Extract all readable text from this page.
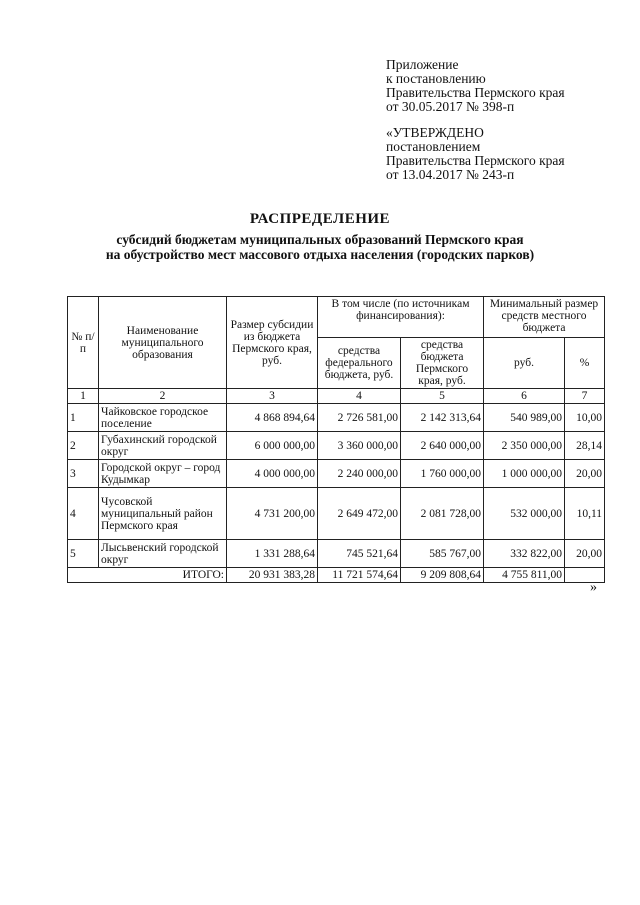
Приложение
к постановлению
Правительства Пермского края
от 30.05.2017 № 398-п
«УТВЕРЖДЕНО
постановлением
Правительства Пермского края
от 13.04.2017 № 243-п
РАСПРЕДЕЛЕНИЕ
субсидий бюджетам муниципальных образований Пермского края
на обустройство мест массового отдыха населения (городских парков)
№ п/п	Наименование муниципального образования	Размер субсидии из бюджета Пермского края, руб.	В том числе (по источникам финансирования):		Минимальный размер средств местного бюджета	
			средства федерального бюджета, руб.	средства бюджета Пермского края, руб.	руб.	%
1	2	3	4	5	6	7
1	Чайковское городское поселение	4 868 894,64	2 726 581,00	2 142 313,64	540 989,00	10,00
2	Губахинский городской округ	6 000 000,00	3 360 000,00	2 640 000,00	2 350 000,00	28,14
3	Городской округ – город Кудымкар	4 000 000,00	2 240 000,00	1 760 000,00	1 000 000,00	20,00
4	Чусовской муниципальный район Пермского края	4 731 200,00	2 649 472,00	2 081 728,00	532 000,00	10,11
5	Лысьвенский городской округ	1 331 288,64	745 521,64	585 767,00	332 822,00	20,00
ИТОГО:		20 931 383,28	11 721 574,64	9 209 808,64	4 755 811,00	
»
